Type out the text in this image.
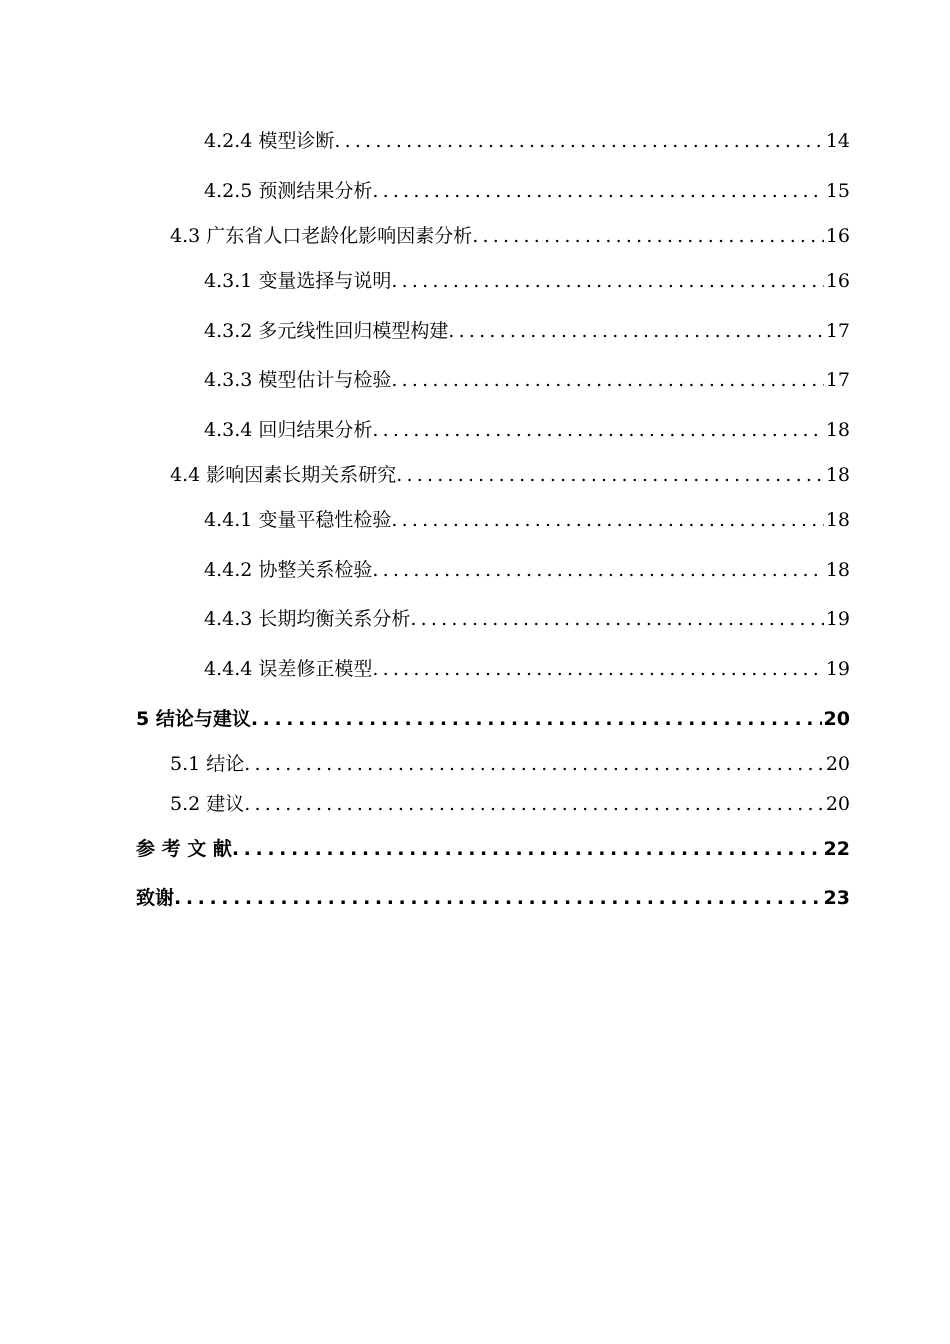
4.2.4 模型诊断 .....	14
4.2.5 预测结果分析 .....	15
4.3 广东省人口老龄化影响因素分析 .....	16
4.3.1 变量选择与说明 .....	16
4.3.2 多元线性回归模型构建 .....	17
4.3.3 模型估计与检验 .....	17
4.3.4 回归结果分析 .....	18
4.4 影响因素长期关系研究 .....	18
4.4.1 变量平稳性检验 .....	18
4.4.2 协整关系检验 .....	18
4.4.3 长期均衡关系分析 .....	19
4.4.4 误差修正模型 .....	19
5 结论与建议 .....	20
5.1 结论 .....	20
5.2 建议 .....	20
参 考 文 献 .....	22
致谢 .....	23
